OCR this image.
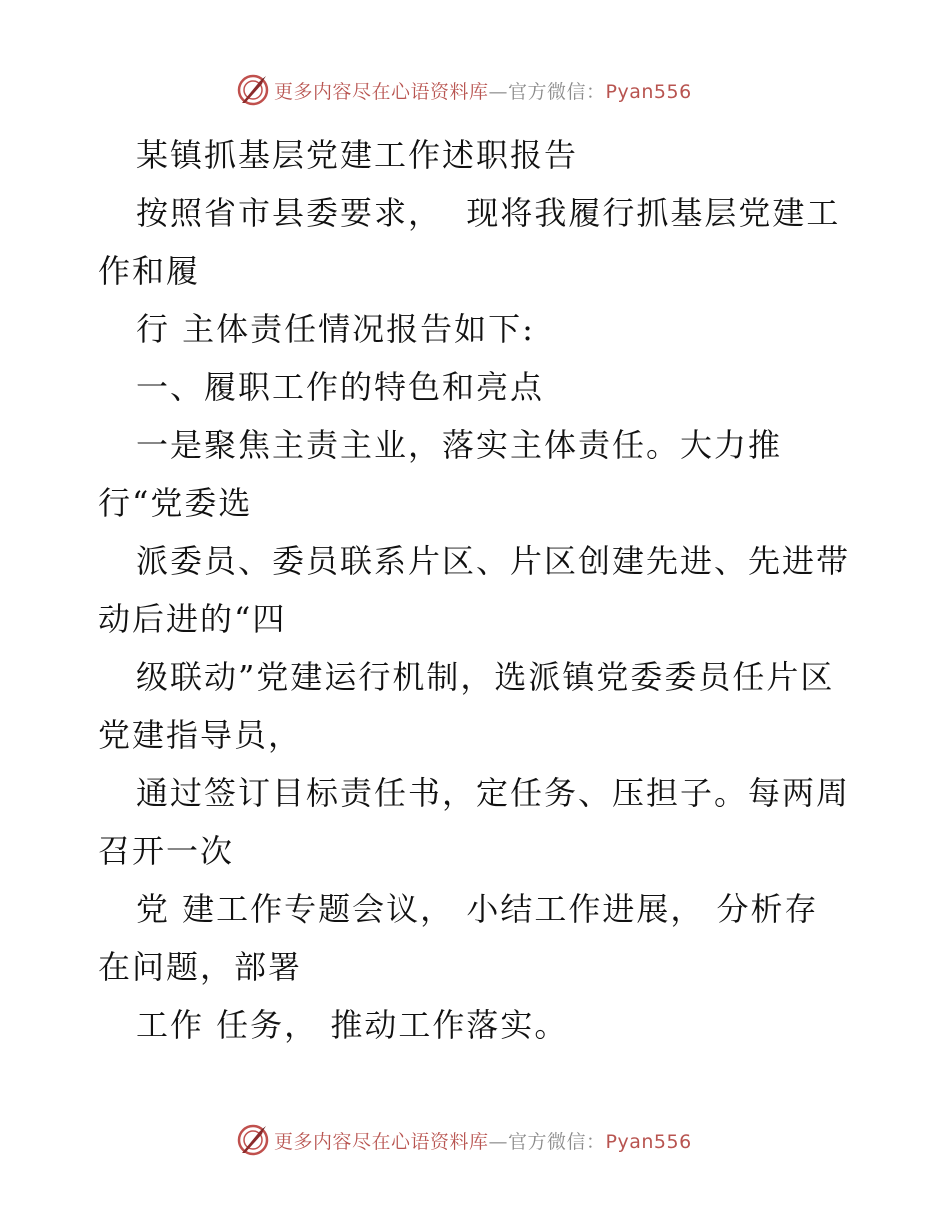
更多内容尽在心语资料库—官方微信：Pyan556
某镇抓基层党建工作述职报告
按照省市县委要求，  现将我履行抓基层党建工
作和履
行 主体责任情况报告如下:
一、履职工作的特色和亮点
一是聚焦主责主业，落实主体责任。大力推
行“党委选
派委员、委员联系片区、片区创建先进、先进带
动后进的“四
级联动”党建运行机制，选派镇党委委员任片区
党建指导员，
通过签订目标责任书，定任务、压担子。每两周
召开一次
党 建工作专题会议， 小结工作进展， 分析存
在问题，部署
工作 任务， 推动工作落实。
更多内容尽在心语资料库—官方微信：Pyan556
